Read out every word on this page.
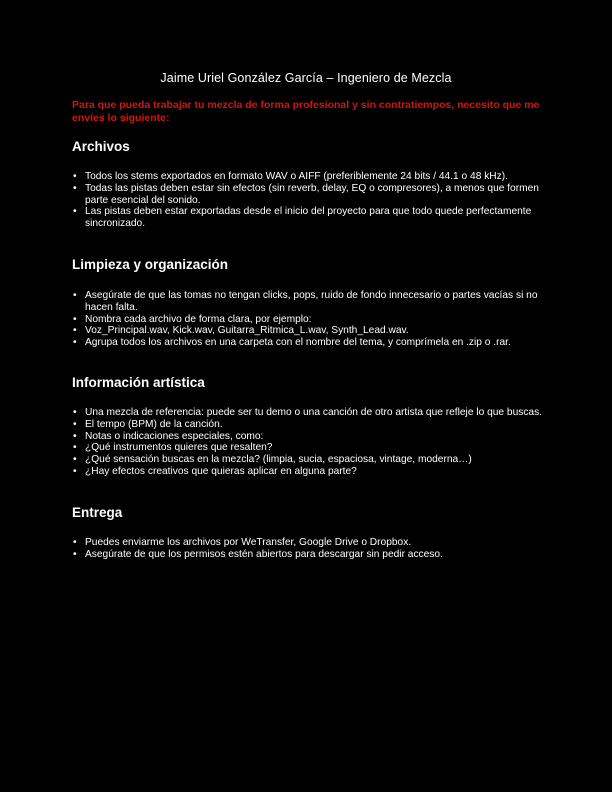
Jaime Uriel González García – Ingeniero de Mezcla

Para que pueda trabajar tu mezcla de forma profesional y sin contratiempos, necesito que me envíes lo siguiente:

Archivos
• Todos los stems exportados en formato WAV o AIFF (preferiblemente 24 bits / 44.1 o 48 kHz).
• Todas las pistas deben estar sin efectos (sin reverb, delay, EQ o compresores), a menos que formen parte esencial del sonido.
• Las pistas deben estar exportadas desde el inicio del proyecto para que todo quede perfectamente sincronizado.
Limpieza y organización
• Asegúrate de que las tomas no tengan clicks, pops, ruido de fondo innecesario o partes vacías si no hacen falta.
• Nombra cada archivo de forma clara, por ejemplo:
• Voz_Principal.wav, Kick.wav, Guitarra_Ritmica_L.wav, Synth_Lead.wav.
• Agrupa todos los archivos en una carpeta con el nombre del tema, y comprímela en .zip o .rar.
Información artística
• Una mezcla de referencia: puede ser tu demo o una canción de otro artista que refleje lo que buscas.
• El tempo (BPM) de la canción.
• Notas o indicaciones especiales, como:
• ¿Qué instrumentos quieres que resalten?
• ¿Qué sensación buscas en la mezcla? (limpia, sucia, espaciosa, vintage, moderna…)
• ¿Hay efectos creativos que quieras aplicar en alguna parte?
Entrega
• Puedes enviarme los archivos por WeTransfer, Google Drive o Dropbox.
• Asegúrate de que los permisos estén abiertos para descargar sin pedir acceso.
